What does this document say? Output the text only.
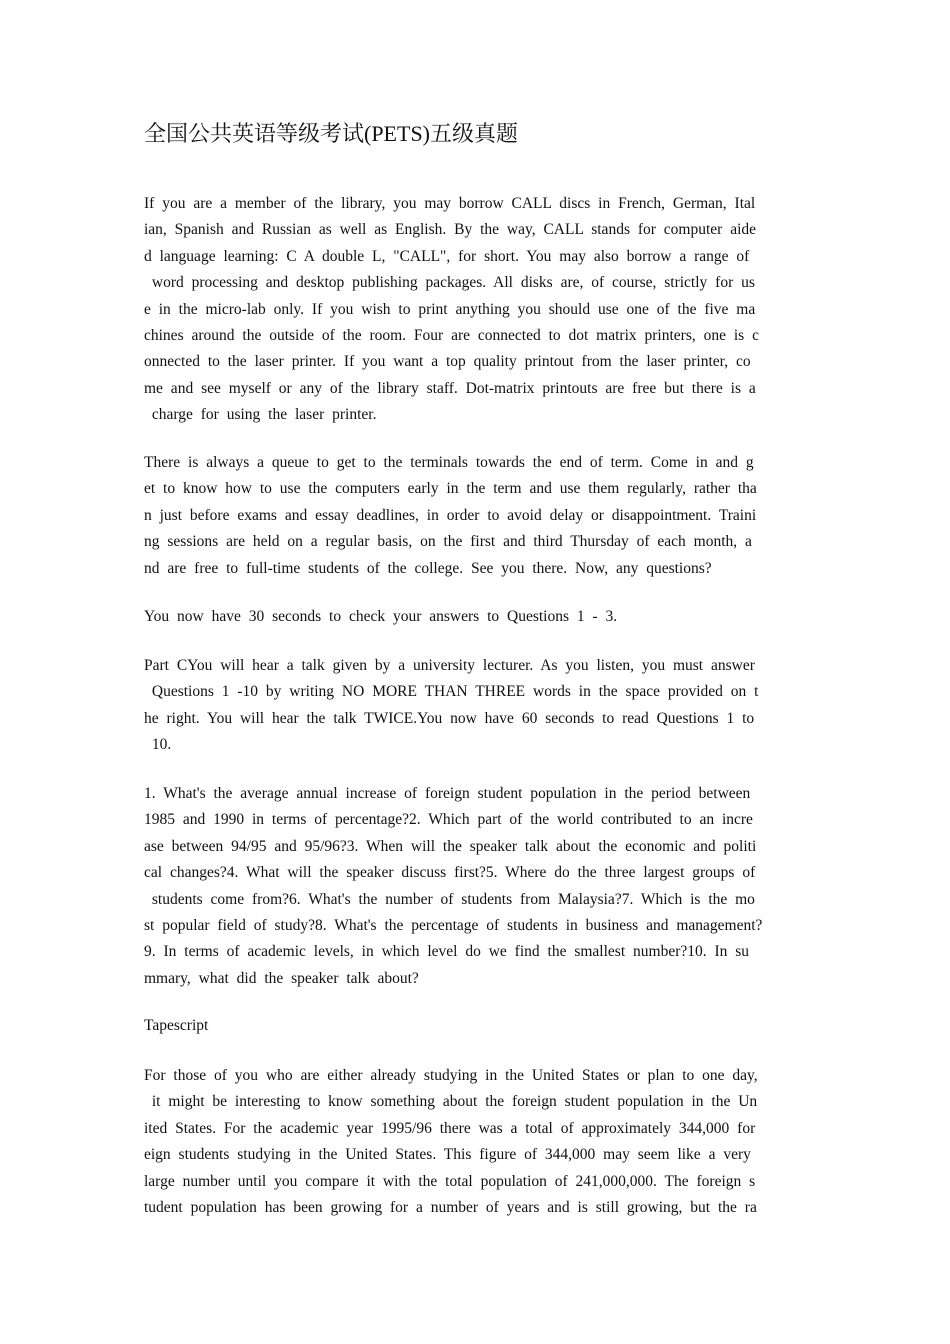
全国公共英语等级考试(PETS)五级真题
If you are a member of the library, you may borrow CALL discs in French, German, Ital
ian, Spanish and Russian as well as English. By the way, CALL stands for computer aide
d language learning: C A double L, "CALL", for short. You may also borrow a range of
word processing and desktop publishing packages. All disks are, of course, strictly for us
e in the micro-lab only. If you wish to print anything you should use one of the five ma
chines around the outside of the room. Four are connected to dot matrix printers, one is c
onnected to the laser printer. If you want a top quality printout from the laser printer, co
me and see myself or any of the library staff. Dot-matrix printouts are free but there is a
charge for using the laser printer.
There is always a queue to get to the terminals towards the end of term. Come in and g
et to know how to use the computers early in the term and use them regularly, rather tha
n just before exams and essay deadlines, in order to avoid delay or disappointment. Traini
ng sessions are held on a regular basis, on the first and third Thursday of each month, a
nd are free to full-time students of the college. See you there. Now, any questions?
You now have 30 seconds to check your answers to Questions 1 - 3.
Part CYou will hear a talk given by a university lecturer. As you listen, you must answer
Questions 1 -10 by writing NO MORE THAN THREE words in the space provided on t
he right. You will hear the talk TWICE.You now have 60 seconds to read Questions 1 to
10.
1. What's the average annual increase of foreign student population in the period between
1985 and 1990 in terms of percentage?2. Which part of the world contributed to an incre
ase between 94/95 and 95/96?3. When will the speaker talk about the economic and politi
cal changes?4. What will the speaker discuss first?5. Where do the three largest groups of
students come from?6. What's the number of students from Malaysia?7. Which is the mo
st popular field of study?8. What's the percentage of students in business and management?
9. In terms of academic levels, in which level do we find the smallest number?10. In su
mmary, what did the speaker talk about?
Tapescript
For those of you who are either already studying in the United States or plan to one day,
it might be interesting to know something about the foreign student population in the Un
ited States. For the academic year 1995/96 there was a total of approximately 344,000 for
eign students studying in the United States. This figure of 344,000 may seem like a very
large number until you compare it with the total population of 241,000,000. The foreign s
tudent population has been growing for a number of years and is still growing, but the ra
